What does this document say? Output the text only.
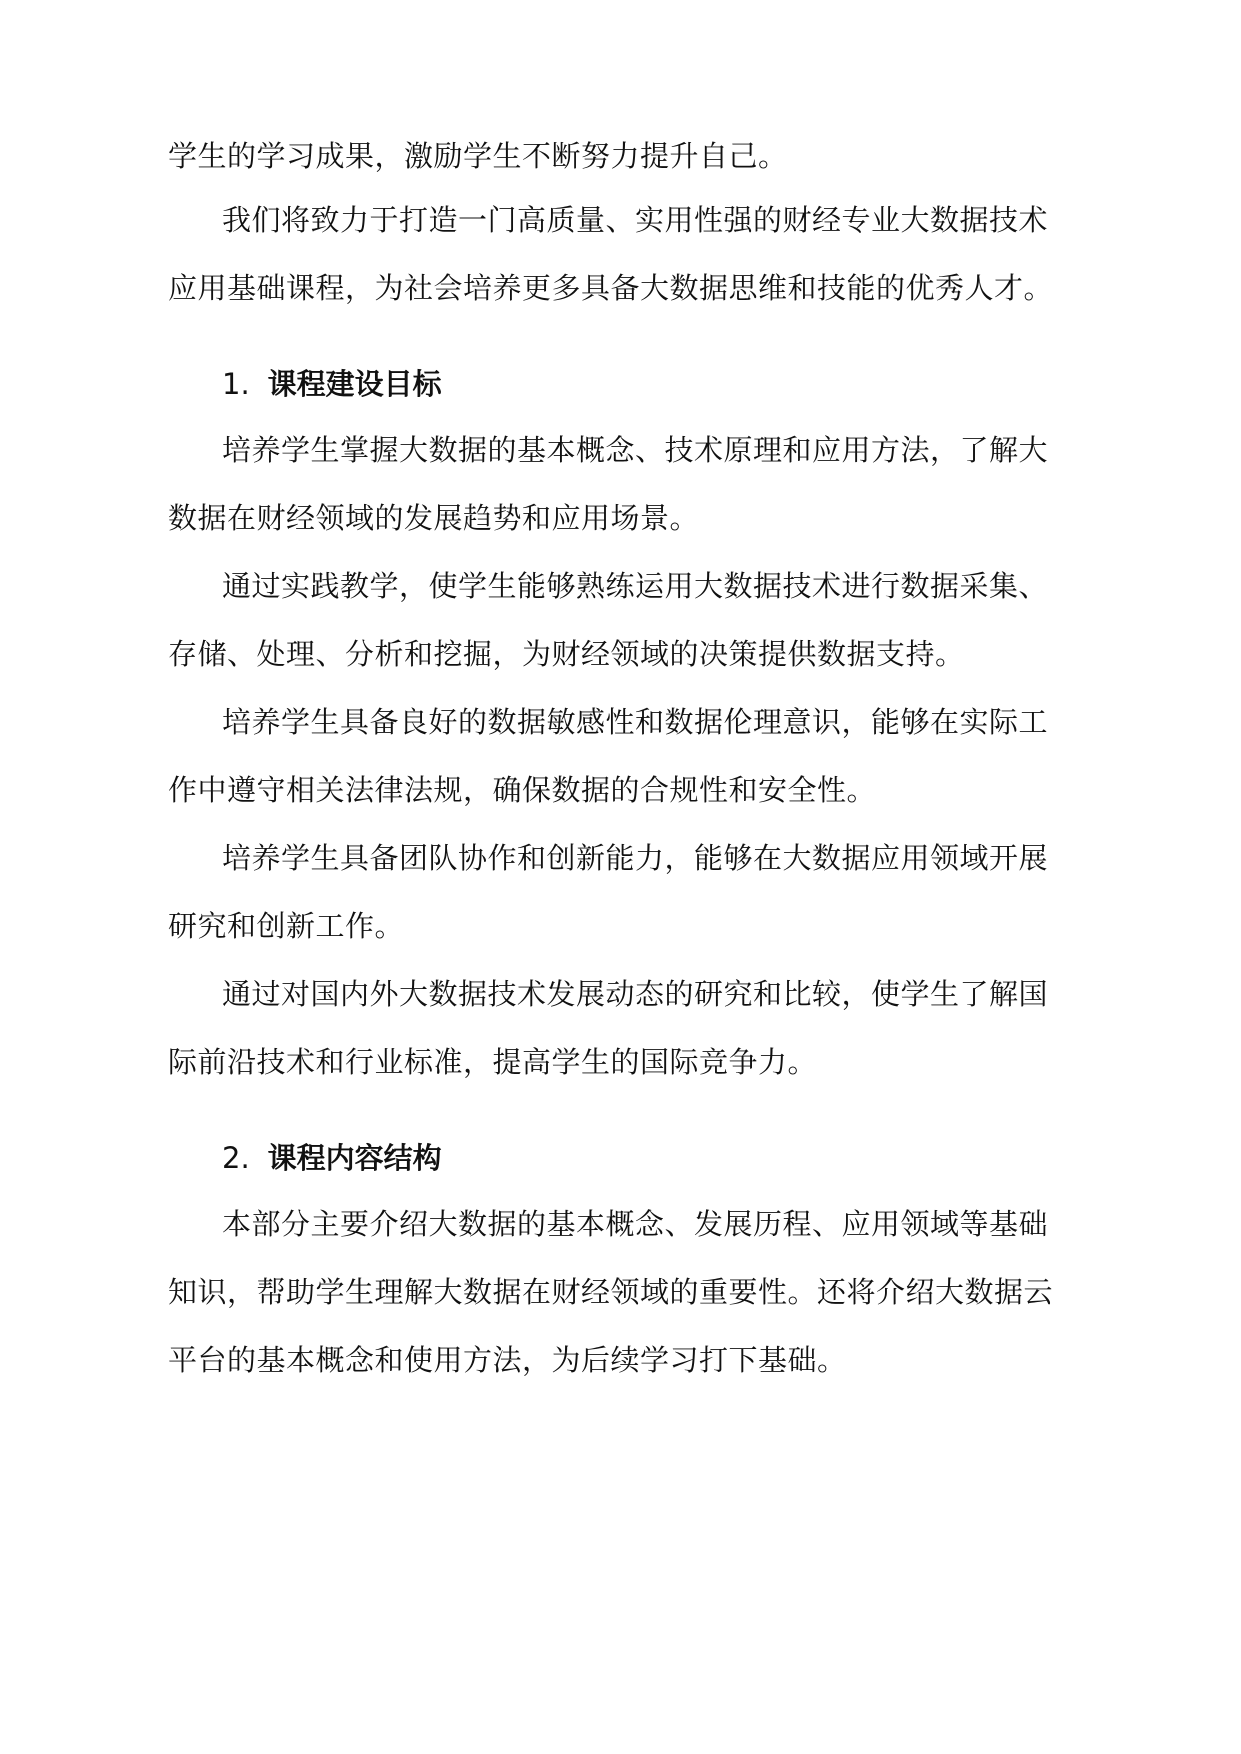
学生的学习成果，激励学生不断努力提升自己。
我们将致力于打造一门高质量、实用性强的财经专业大数据技术
应用基础课程，为社会培养更多具备大数据思维和技能的优秀人才。
1. 课程建设目标
培养学生掌握大数据的基本概念、技术原理和应用方法，了解大
数据在财经领域的发展趋势和应用场景。
通过实践教学，使学生能够熟练运用大数据技术进行数据采集、
存储、处理、分析和挖掘，为财经领域的决策提供数据支持。
培养学生具备良好的数据敏感性和数据伦理意识，能够在实际工
作中遵守相关法律法规，确保数据的合规性和安全性。
培养学生具备团队协作和创新能力，能够在大数据应用领域开展
研究和创新工作。
通过对国内外大数据技术发展动态的研究和比较，使学生了解国
际前沿技术和行业标准，提高学生的国际竞争力。
2. 课程内容结构
本部分主要介绍大数据的基本概念、发展历程、应用领域等基础
知识，帮助学生理解大数据在财经领域的重要性。还将介绍大数据云
平台的基本概念和使用方法，为后续学习打下基础。
